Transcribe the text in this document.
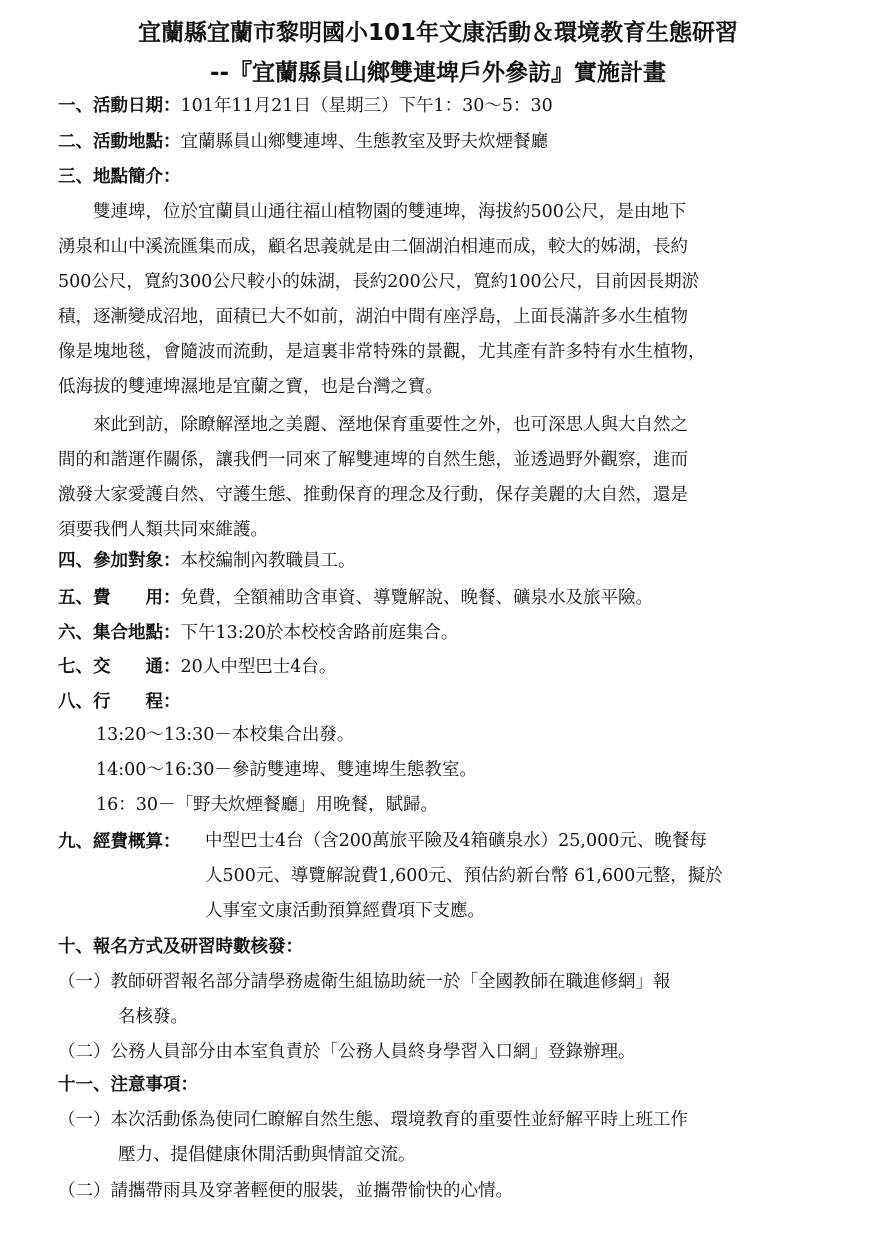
宜蘭縣宜蘭市黎明國小101年文康活動＆環境教育生態研習
--『宜蘭縣員山鄉雙連埤戶外參訪』實施計畫
一、活動日期：101年11月21日（星期三）下午1：30～5：30
二、活動地點：宜蘭縣員山鄉雙連埤、生態教室及野夫炊煙餐廳
三、地點簡介：
　　雙連埤，位於宜蘭員山通往福山植物園的雙連埤，海拔約500公尺，是由地下
湧泉和山中溪流匯集而成，顧名思義就是由二個湖泊相連而成，較大的姊湖，長約
500公尺，寬約300公尺較小的妹湖，長約200公尺，寬約100公尺，目前因長期淤
積，逐漸變成沼地，面積已大不如前，湖泊中間有座浮島，上面長滿許多水生植物
像是塊地毯，會隨波而流動，是這裏非常特殊的景觀，尤其產有許多特有水生植物，
低海拔的雙連埤濕地是宜蘭之寶，也是台灣之寶。
　　來此到訪，除瞭解溼地之美麗、溼地保育重要性之外，也可深思人與大自然之
間的和諧運作關係，讓我們一同來了解雙連埤的自然生態，並透過野外觀察，進而
激發大家愛護自然、守護生態、推動保育的理念及行動，保存美麗的大自然，還是
須要我們人類共同來維護。
四、參加對象：本校編制內教職員工。
五、費　　用：免費，全額補助含車資、導覽解說、晚餐、礦泉水及旅平險。
六、集合地點：下午13:20於本校校舍路前庭集合。
七、交　　通：20人中型巴士4台。
八、行　　程：
13:20～13:30－本校集合出發。
14:00～16:30－參訪雙連埤、雙連埤生態教室。
16：30－「野夫炊煙餐廳」用晚餐，賦歸。
九、經費概算： 中型巴士4台（含200萬旅平險及4箱礦泉水）25,000元、晚餐每
人500元、導覽解說費1,600元、預估約新台幣 61,600元整，擬於
人事室文康活動預算經費項下支應。
十、報名方式及研習時數核發：
（一）教師研習報名部分請學務處衛生組協助統一於「全國教師在職進修網」報
名核發。
（二）公務人員部分由本室負責於「公務人員終身學習入口網」登錄辦理。
十一、注意事項：
（一）本次活動係為使同仁瞭解自然生態、環境教育的重要性並紓解平時上班工作
壓力、提倡健康休閒活動與情誼交流。
（二）請攜帶雨具及穿著輕便的服裝，並攜帶愉快的心情。
